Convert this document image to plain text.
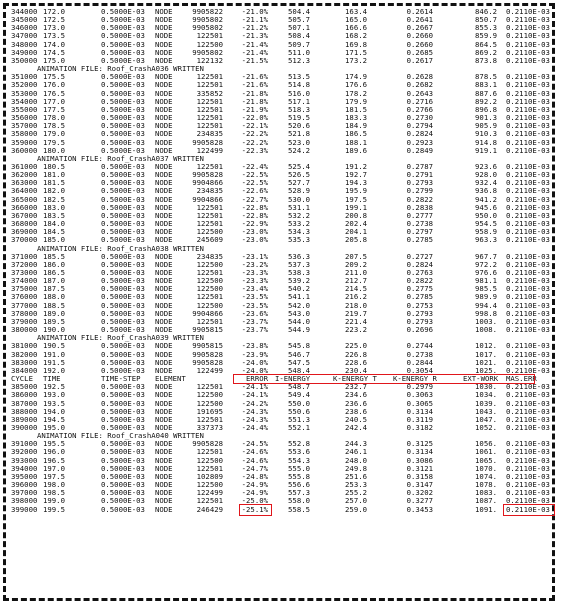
344000 172.0	0.5000E-03 NODE	9905822	-21.0%	504.4	163.4	0.2614	846.2 0.2110E-03
345000 172.5	0.5000E-03 NODE	9905802	-21.1%	505.7	165.0	0.2641	850.7 0.2110E-03
346000 173.0	0.5000E-03 NODE	9905802	-21.2%	507.1	166.6	0.2667	855.3 0.2110E-03
347000 173.5	0.5000E-03 NODE	122501	-21.3%	508.4	168.2	0.2660	859.9 0.2110E-03
348000 174.0	0.5000E-03 NODE	122500	-21.4%	509.7	169.8	0.2660	864.5 0.2110E-03
349000 174.5	0.5000E-03 NODE	9905802	-21.4%	511.0	171.5	0.2685	869.2 0.2110E-03
350000 175.0	0.5000E-03 NODE	122132	-21.5%	512.3	173.2	0.2617	873.8 0.2110E-03
ANIMATION FILE: Roof_CrashA036 WRITTEN
351000 175.5	0.5000E-03 NODE	122501	-21.6%	513.5	174.9	0.2628	878.5 0.2110E-03
352000 176.0	0.5000E-03 NODE	122501	-21.6%	514.8	176.6	0.2682	883.1 0.2110E-03
353000 176.5	0.5000E-03 NODE	335852	-21.8%	516.0	178.2	0.2643	887.6 0.2110E-03
354000 177.0	0.5000E-03 NODE	122501	-21.8%	517.1	179.9	0.2716	892.2 0.2110E-03
355000 177.5	0.5000E-03 NODE	122501	-21.9%	518.3	181.5	0.2766	896.8 0.2110E-03
356000 178.0	0.5000E-03 NODE	122501	-22.0%	519.5	183.3	0.2730	901.3 0.2110E-03
357000 178.5	0.5000E-03 NODE	122501	-22.1%	520.6	184.9	0.2794	905.9 0.2110E-03
358000 179.0	0.5000E-03 NODE	234835	-22.2%	521.8	186.5	0.2824	910.3 0.2110E-03
359000 179.5	0.5000E-03 NODE	9905828	-22.2%	523.0	188.1	0.2923	914.8 0.2110E-03
360000 180.0	0.5000E-03 NODE	122499	-22.3%	524.2	189.6	0.2849	919.1 0.2110E-03
ANIMATION FILE: Roof_CrashA037 WRITTEN
361000 180.5	0.5000E-03 NODE	122501	-22.4%	525.4	191.2	0.2787	923.6 0.2110E-03
362000 181.0	0.5000E-03 NODE	9905828	-22.5%	526.5	192.7	0.2791	928.0 0.2110E-03
363000 181.5	0.5000E-03 NODE	9904866	-22.5%	527.7	194.3	0.2793	932.4 0.2110E-03
364000 182.0	0.5000E-03 NODE	234835	-22.6%	528.9	195.9	0.2799	936.8 0.2110E-03
365000 182.5	0.5000E-03 NODE	9904866	-22.7%	530.0	197.5	0.2822	941.2 0.2110E-03
366000 183.0	0.5000E-03 NODE	122501	-22.8%	531.1	199.1	0.2838	945.6 0.2110E-03
367000 183.5	0.5000E-03 NODE	122501	-22.8%	532.2	200.8	0.2777	950.0 0.2110E-03
368000 184.0	0.5000E-03 NODE	122501	-22.9%	533.2	202.4	0.2738	954.5 0.2110E-03
369000 184.5	0.5000E-03 NODE	122500	-23.0%	534.3	204.1	0.2797	958.9 0.2110E-03
370000 185.0	0.5000E-03 NODE	245609	-23.0%	535.3	205.8	0.2785	963.3 0.2110E-03
ANIMATION FILE: Roof_CrashA038 WRITTEN
371000 185.5	0.5000E-03 NODE	234835	-23.1%	536.3	207.5	0.2727	967.7 0.2110E-03
372000 186.0	0.5000E-03 NODE	122500	-23.2%	537.3	209.2	0.2824	972.2 0.2110E-03
373000 186.5	0.5000E-03 NODE	122501	-23.3%	538.3	211.0	0.2763	976.6 0.2110E-03
374000 187.0	0.5000E-03 NODE	122500	-23.3%	539.2	212.7	0.2822	981.1 0.2110E-03
375000 187.5	0.5000E-03 NODE	122500	-23.4%	540.2	214.5	0.2775	985.5 0.2110E-03
376000 188.0	0.5000E-03 NODE	122501	-23.5%	541.1	216.2	0.2785	989.9 0.2110E-03
377000 188.5	0.5000E-03 NODE	122500	-23.5%	542.0	218.0	0.2753	994.4 0.2110E-03
378000 189.0	0.5000E-03 NODE	9904866	-23.6%	543.0	219.7	0.2793	998.8 0.2110E-03
379000 189.5	0.5000E-03 NODE	122501	-23.7%	544.0	221.4	0.2793	1003. 0.2110E-03
380000 190.0	0.5000E-03 NODE	9905815	-23.7%	544.9	223.2	0.2696	1008. 0.2110E-03
ANIMATION FILE: Roof_CrashA039 WRITTEN
381000 190.5	0.5000E-03 NODE	9905815	-23.8%	545.8	225.0	0.2744	1012. 0.2110E-03
382000 191.0	0.5000E-03 NODE	9905828	-23.9%	546.7	226.8	0.2738	1017. 0.2110E-03
383000 191.5	0.5000E-03 NODE	9905828	-24.0%	547.5	228.6	0.2844	1021. 0.2110E-03
384000 192.0	0.5000E-03 NODE	122499	-24.0%	548.4	230.4	0.3054	1025. 0.2110E-03
CYCLE TIME	TIME-STEP ELEMENT	ERROR I-ENERGY	K-ENERGY T K-ENERGY R	EXT-WORK MAS.ERR
385000 192.5	0.5000E-03 NODE	122501	-24.1%	548.7	232.7	0.2979	1030. 0.2110E-03
386000 193.0	0.5000E-03 NODE	122500	-24.1%	549.4	234.6	0.3063	1034. 0.2110E-03
387000 193.5	0.5000E-03 NODE	122500	-24.2%	550.0	236.6	0.3065	1039. 0.2110E-03
388000 194.0	0.5000E-03 NODE	191695	-24.3%	550.6	238.6	0.3134	1043. 0.2110E-03
389000 194.5	0.5000E-03 NODE	122501	-24.3%	551.3	240.5	0.3119	1047. 0.2110E-03
390000 195.0	0.5000E-03 NODE	337373	-24.4%	552.1	242.4	0.3182	1052. 0.2110E-03
ANIMATION FILE: Roof_CrashA040 WRITTEN
391000 195.5	0.5000E-03 NODE	9905828	-24.5%	552.8	244.3	0.3125	1056. 0.2110E-03
392000 196.0	0.5000E-03 NODE	122501	-24.6%	553.6	246.1	0.3134	1061. 0.2110E-03
393000 196.5	0.5000E-03 NODE	122500	-24.6%	554.3	248.0	0.3086	1065. 0.2110E-03
394000 197.0	0.5000E-03 NODE	122501	-24.7%	555.0	249.8	0.3121	1070. 0.2110E-03
395000 197.5	0.5000E-03 NODE	102809	-24.8%	555.8	251.6	0.3158	1074. 0.2110E-03
396000 198.0	0.5000E-03 NODE	122500	-24.9%	556.6	253.3	0.3147	1078. 0.2110E-03
397000 198.5	0.5000E-03 NODE	122499	-24.9%	557.3	255.2	0.3202	1083. 0.2110E-03
398000 199.0	0.5000E-03 NODE	122501	-25.0%	558.0	257.0	0.3277	1087. 0.2110E-03
399000 199.5	0.5000E-03 NODE	246429	-25.1%	558.5	259.0	0.3453	1091. 0.2110E-03
